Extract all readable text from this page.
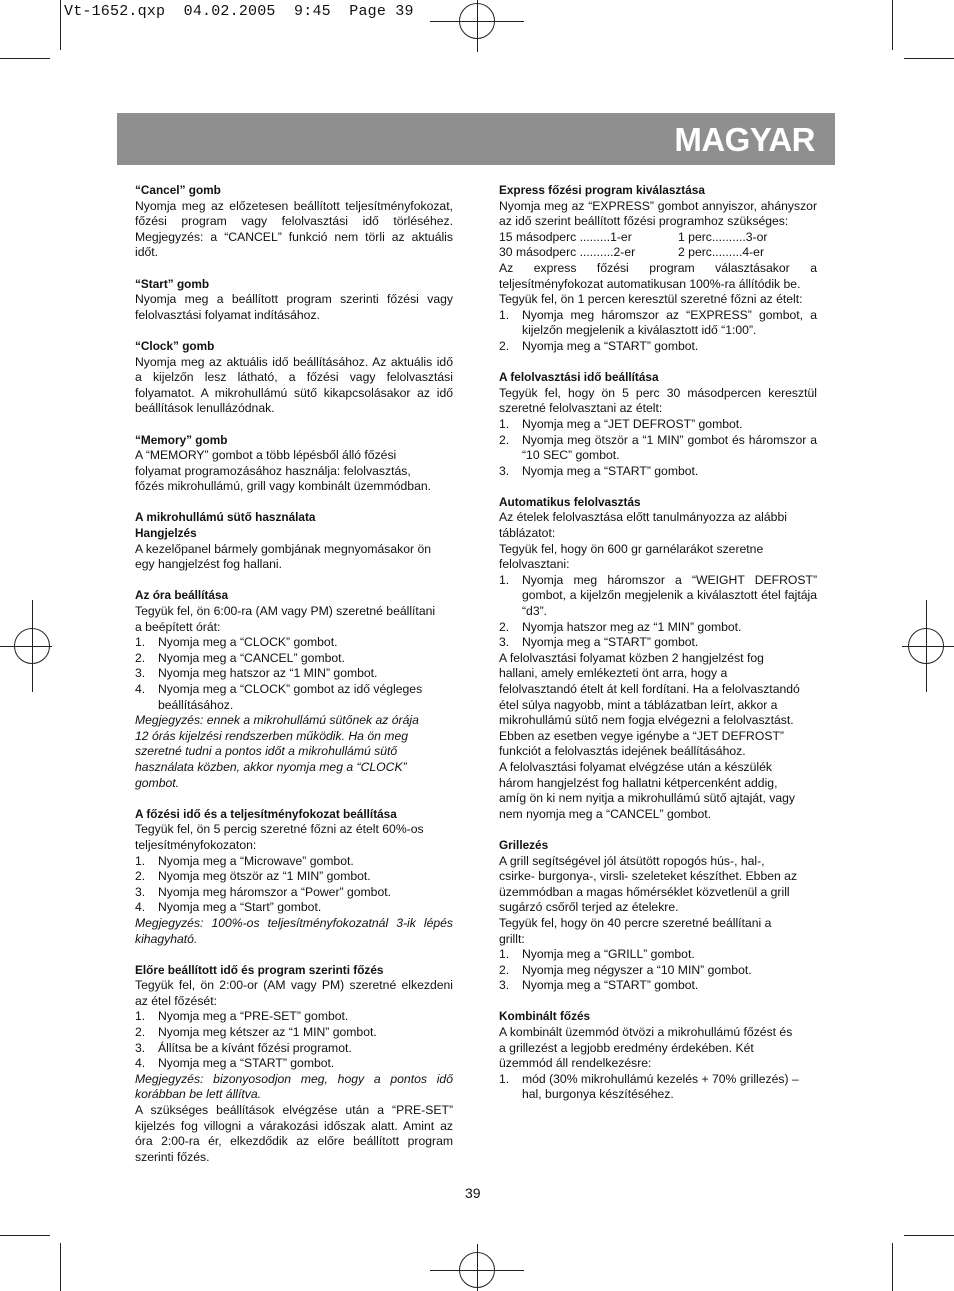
Vt-1652.qxp  04.02.2005  9:45  Page 39
MAGYAR
“Cancel” gomb
Nyomja meg az előzetesen beállított teljesítményfokozat, főzési program vagy felolvasztási idő törléséhez. Megjegyzés: a “CANCEL” funkció nem törli az aktuális időt.
“Start” gomb
Nyomja meg a beállított program szerinti főzési vagy felolvasztási folyamat indításához.
“Clock” gomb
Nyomja meg az aktuális idő beállításához. Az aktuális idő a kijelzőn lesz látható, a főzési vagy felolvasztási folyamatot. A mikrohullámú sütő kikapcsolásakor az idő beállítások lenullázódnak.
“Memory” gomb
A “MEMORY” gombot a több lépésből álló főzési
folyamat programozásához használja: felolvasztás,
főzés mikrohullámú, grill vagy kombinált üzemmódban.
A mikrohullámú sütő használata
Hangjelzés
A kezelőpanel bármely gombjának megnyomásakor ön
egy hangjelzést fog hallani.
Az óra beállítása
Tegyük fel, ön 6:00-ra (AM vagy PM) szeretné beállítani
a beépített órát:
1.	Nyomja meg a “CLOCK” gombot.
2.	Nyomja meg a “CANCEL” gombot.
3.	Nyomja meg hatszor az “1 MIN” gombot.
4.	Nyomja meg a “CLOCK” gombot az idő végleges beállításához.
Megjegyzés: ennek a mikrohullámú sütőnek az órája
12 órás kijelzési rendszerben működik. Ha ön meg
szeretné tudni a pontos időt a mikrohullámú sütő
használata közben, akkor nyomja meg a “CLOCK”
gombot.
A főzési idő és a teljesítményfokozat beállítása
Tegyük fel, ön 5 percig szeretné főzni az ételt 60%-os
teljesítményfokozaton:
1.	Nyomja meg a “Microwave” gombot.
2.	Nyomja meg ötször az “1 MIN” gombot.
3.	Nyomja meg háromszor a “Power” gombot.
4.	Nyomja meg a “Start” gombot.
Megjegyzés: 100%-os teljesítményfokozatnál 3-ik lépés kihagyható.
Előre beállított idő és program szerinti főzés
Tegyük fel, ön 2:00-or (AM vagy PM) szeretné elkezdeni az étel főzését:
1.	Nyomja meg a “PRE-SET” gombot.
2.	Nyomja meg kétszer az “1 MIN” gombot.
3.	Állítsa be a kívánt főzési programot.
4.	Nyomja meg a “START” gombot.
Megjegyzés: bizonyosodjon meg, hogy a pontos idő korábban be lett állítva.
A szükséges beállítások elvégzése után a “PRE-SET” kijelzés fog villogni a várakozási időszak alatt. Amint az óra 2:00-ra ér, elkezdődik az előre beállított program szerinti főzés.
Express főzési program kiválasztása
Nyomja meg az “EXPRESS” gombot annyiszor, ahányszor az idő szerint beállított főzési programhoz szükséges:
15 másodperc .........1-er	1 perc..........3-or
30 másodperc ..........2-er	2 perc.........4-er
Az express főzési program választásakor a teljesítményfokozat automatikusan 100%-ra állítódik be.
Tegyük fel, ön 1 percen keresztül szeretné főzni az ételt:
1.	Nyomja meg háromszor az “EXPRESS” gombot, a kijelzőn megjelenik a kiválasztott idő “1:00”.
2.	Nyomja meg a “START” gombot.
A felolvasztási idő beállítása
Tegyük fel, hogy ön 5 perc 30 másodpercen keresztül szeretné felolvasztani az ételt:
1.	Nyomja meg a “JET DEFROST” gombot.
2.	Nyomja meg ötször a “1 MIN” gombot és háromszor a “10 SEC” gombot.
3.	Nyomja meg a “START” gombot.
Automatikus felolvasztás
Az ételek felolvasztása előtt tanulmányozza az alábbi
táblázatot:
Tegyük fel, hogy ön 600 gr garnélarákot szeretne
felolvasztani:
1.	Nyomja meg háromszor a “WEIGHT DEFROST” gombot, a kijelzőn megjelenik a kiválasztott étel fajtája “d3”.
2.	Nyomja hatszor meg az “1 MIN” gombot.
3.	Nyomja meg a “START” gombot.
A felolvasztási folyamat közben 2 hangjelzést fog
hallani, amely emlékezteti önt arra, hogy a
felolvasztandó ételt át kell fordítani. Ha a felolvasztandó
étel súlya nagyobb, mint a táblázatban leírt, akkor a
mikrohullámú sütő nem fogja elvégezni a felolvasztást.
Ebben az esetben vegye igénybe a “JET DEFROST”
funkciót a felolvasztás idejének beállításához.
A felolvasztási folyamat elvégzése után a készülék
három hangjelzést fog hallatni kétpercenként addig,
amíg ön ki nem nyitja a mikrohullámú sütő ajtaját, vagy
nem nyomja meg a “CANCEL” gombot.
Grillezés
A grill segítségével jól átsütött ropogós hús-, hal-,
csirke- burgonya-, virsli- szeleteket készíthet. Ebben az
üzemmódban a magas hőmérséklet közvetlenül a grill
sugárzó csőről terjed az ételekre.
Tegyük fel, hogy ön 40 percre szeretné beállítani a
grillt:
1.	Nyomja meg a “GRILL” gombot.
2.	Nyomja meg négyszer a “10 MIN” gombot.
3.	Nyomja meg a “START” gombot.
Kombinált főzés
A kombinált üzemmód ötvözi a mikrohullámú főzést és
a grillezést a legjobb eredmény érdekében. Két
üzemmód áll rendelkezésre:
1.	mód (30% mikrohullámú kezelés + 70% grillezés) – hal, burgonya készítéséhez.
39
